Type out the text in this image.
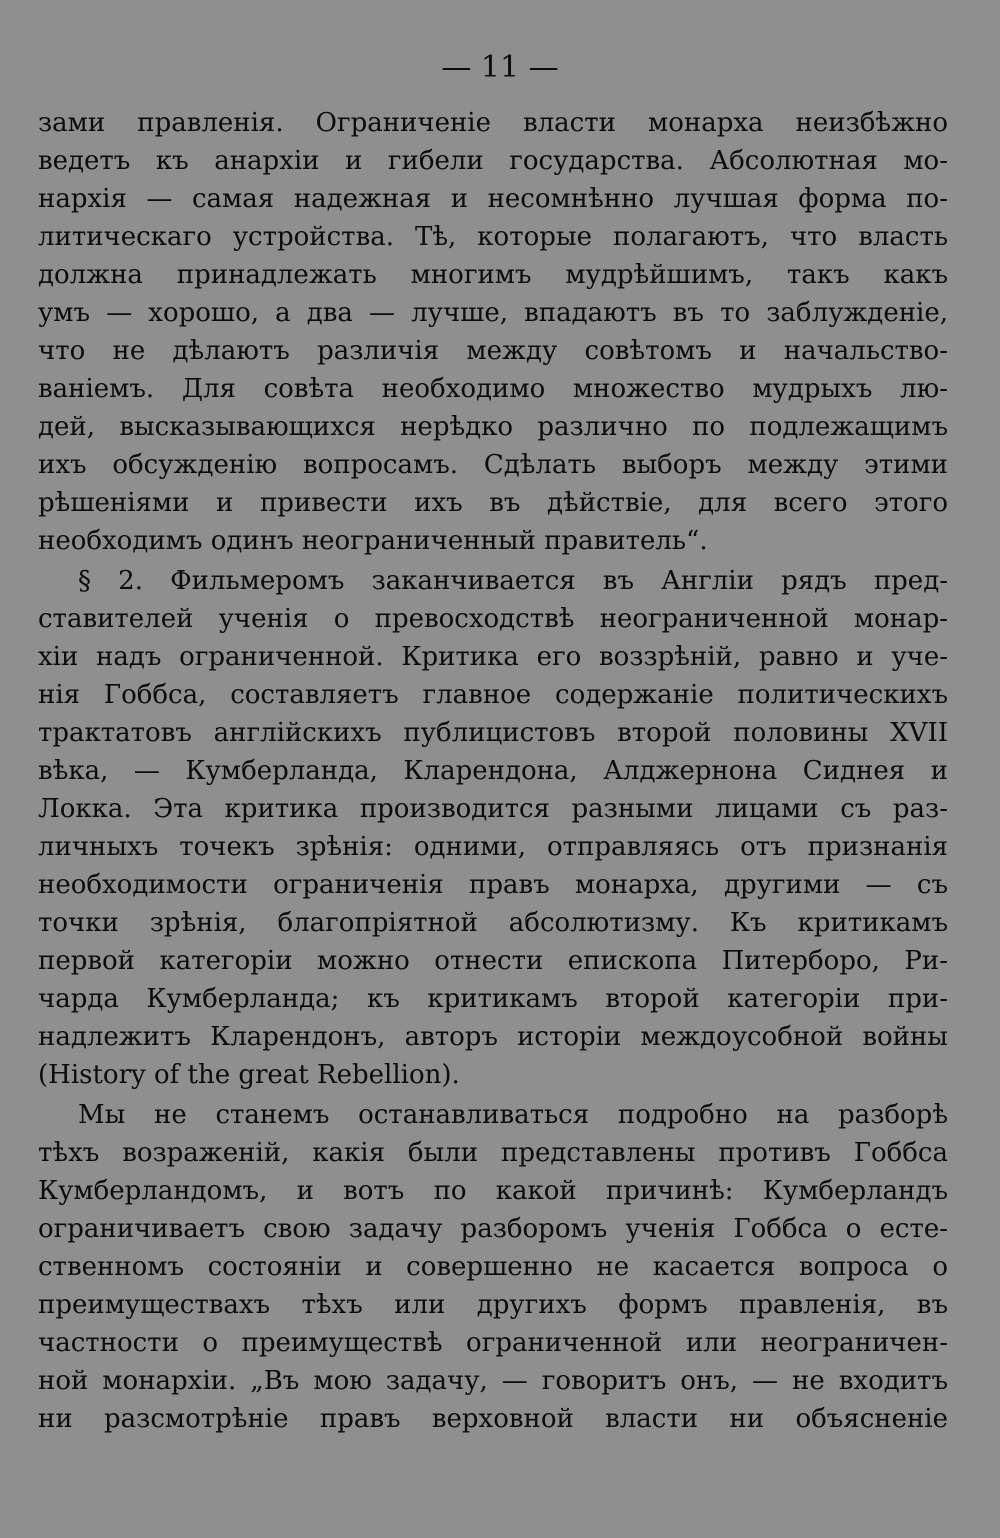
— 11 —
зами правленія. Ограниченіе власти монарха неизбѣжно
ведетъ къ анархіи и гибели государства. Абсолютная мо-
нархія — самая надежная и несомнѣнно лучшая форма по-
литическаго устройства. Тѣ, которые полагаютъ, что власть
должна принадлежать многимъ мудрѣйшимъ, такъ какъ
умъ — хорошо, а два — лучше, впадаютъ въ то заблужденіе,
что не дѣлаютъ различія между совѣтомъ и начальство-
ваніемъ. Для совѣта необходимо множество мудрыхъ лю-
дей, высказывающихся нерѣдко различно по подлежащимъ
ихъ обсужденію вопросамъ. Сдѣлать выборъ между этими
рѣшеніями и привести ихъ въ дѣйствіе, для всего этого
необходимъ одинъ неограниченный правитель“.
§ 2. Фильмеромъ заканчивается въ Англіи рядъ пред-
ставителей ученія о превосходствѣ неограниченной монар-
хіи надъ ограниченной. Критика его воззрѣній, равно и уче-
нія Гоббса, составляетъ главное содержаніе политическихъ
трактатовъ англійскихъ публицистовъ второй половины XVII
вѣка, — Кумберланда, Кларендона, Алджернона Сиднея и
Локка. Эта критика производится разными лицами съ раз-
личныхъ точекъ зрѣнія: одними, отправляясь отъ признанія
необходимости ограниченія правъ монарха, другими — съ
точки зрѣнія, благопріятной абсолютизму. Къ критикамъ
первой категоріи можно отнести епископа Питерборо, Ри-
чарда Кумберланда; къ критикамъ второй категоріи при-
надлежитъ Кларендонъ, авторъ исторіи междоусобной войны
(History of the great Rebellion).
Мы не станемъ останавливаться подробно на разборѣ
тѣхъ возраженій, какія были представлены противъ Гоббса
Кумберландомъ, и вотъ по какой причинѣ: Кумберландъ
ограничиваетъ свою задачу разборомъ ученія Гоббса о есте-
ственномъ состояніи и совершенно не касается вопроса о
преимуществахъ тѣхъ или другихъ формъ правленія, въ
частности о преимуществѣ ограниченной или неограничен-
ной монархіи. „Въ мою задачу, — говоритъ онъ, — не входитъ
ни разсмотрѣніе правъ верховной власти ни объясненіе
